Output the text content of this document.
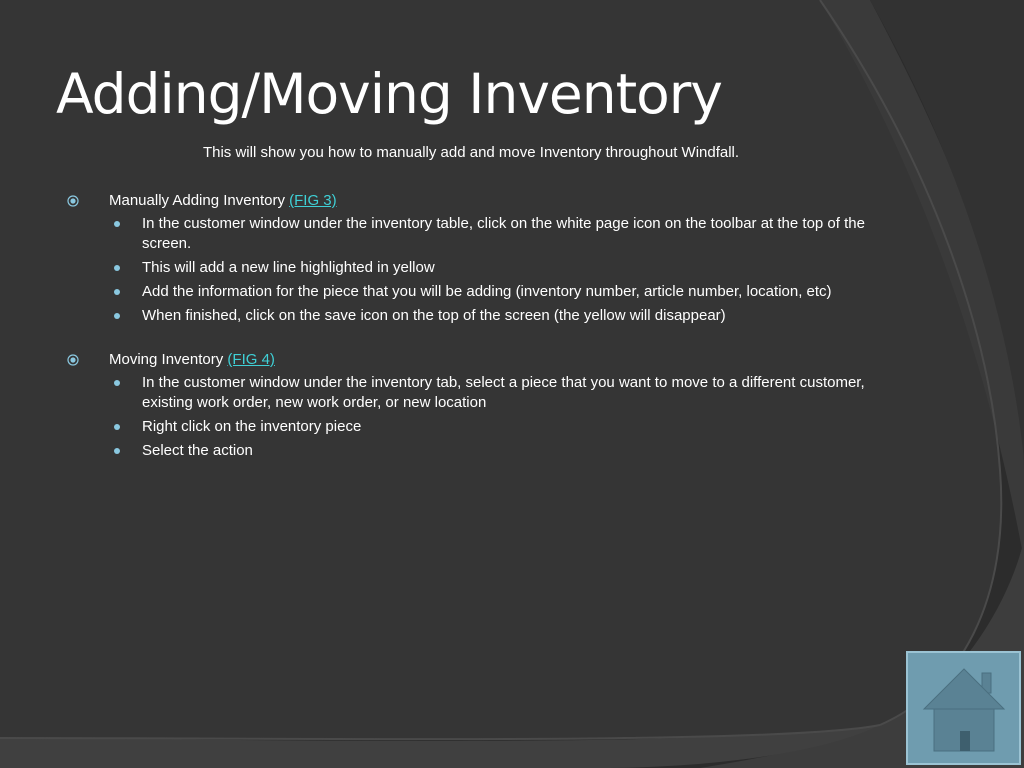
Adding/Moving Inventory
This will show you how to manually add and move Inventory throughout Windfall.
Manually Adding Inventory (FIG 3)
In the customer window under the inventory table, click on the white page icon on the toolbar at the top of the screen.
This will add a new line highlighted in yellow
Add the information for the piece that you will be adding (inventory number, article number, location, etc)
When finished, click on the save icon on the top of the screen (the yellow will disappear)
Moving Inventory (FIG 4)
In the customer window under the inventory tab, select a piece that you want to move to a different customer, existing work order, new work order, or new location
Right click on the inventory piece
Select the action
